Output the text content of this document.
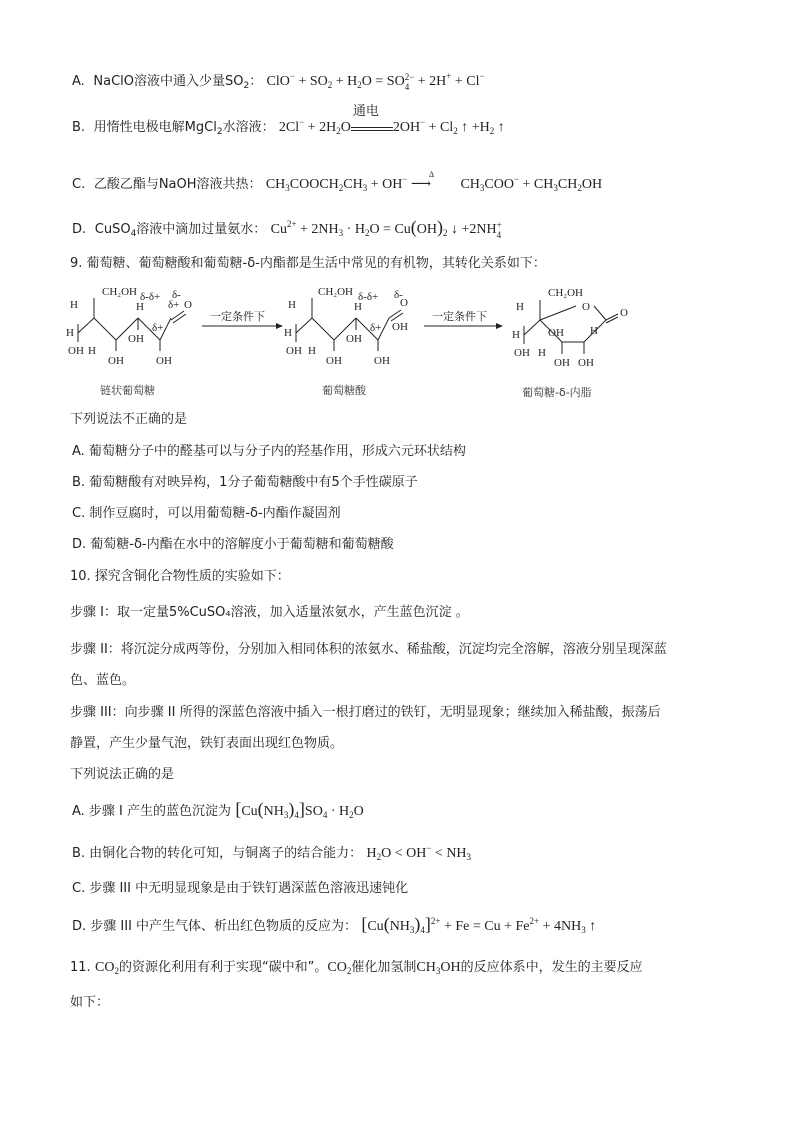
A. NaClO溶液中通入少量$SO_2$： $ClO^- + SO_2 + H_2O = SO2-$
4 + 2H+ + Cl−
B. 用惰性电极电解MgCl$_2$水溶液： $2Cl^- + 2H_2O$
通电
$2OH^- + Cl_2$ ↑ $+H_2$ ↑
C. 乙酸乙酯与NaOH溶液共热： $CH_3COOCH_2CH_3 + OH^-$	Δ
⟶ $CH_3COO^- + CH_3CH_2OH$
D. CuSO$_4$溶液中滴加过量氨水： $Cu^{2+} + 2NH_3 \cdot H_2O = Cu(OH)_2$ ↓ +2NH+
4
9. 葡萄糖、葡萄糖酸和葡萄糖-δ-内酯都是生活中常见的有机物，其转化关系如下：
CH₂OH
H
OH H
OH
OH
OH
H δ+
δ+
δ-δ+
O
δ-
H
一定条件下
CH₂OH
H
OH H
OH
OH
OH
H
δ+
δ-δ+
OH
O
δ-
H
一定条件下
CH₂OH
H
OH H
OH
OH
OH
O	O
H
H
链状葡萄糖	葡萄糖酸	葡萄糖-δ-内脂
下列说法不正确的是
A. 葡萄糖分子中的醛基可以与分子内的羟基作用，形成六元环状结构
B. 葡萄糖酸有对映异构，1分子葡萄糖酸中有5个手性碳原子
C. 制作豆腐时，可以用葡萄糖-δ-内酯作凝固剂
D. 葡萄糖-δ-内酯在水中的溶解度小于葡萄糖和葡萄糖酸
10. 探究含铜化合物性质的实验如下：
步骤 I：取一定量5%CuSO₄溶液，加入适量浓氨水，产生蓝色沉淀 。
步骤 II：将沉淀分成两等份，分别加入相同体积的浓氨水、稀盐酸，沉淀均完全溶解，溶液分别呈现深蓝
色、蓝色。
步骤 III：向步骤 II 所得的深蓝色溶液中插入一根打磨过的铁钉，无明显现象；继续加入稀盐酸，振荡后
静置，产生少量气泡，铁钉表面出现红色物质。
下列说法正确的是
A. 步骤 I 产生的蓝色沉淀为 $[Cu(NH_3)_4]SO_4 \cdot H_2O$
B. 由铜化合物的转化可知，与铜离子的结合能力： $H_2O < OH^- < NH_3$
C. 步骤 III 中无明显现象是由于铁钉遇深蓝色溶液迅速钝化
D. 步骤 III 中产生气体、析出红色物质的反应为： $[Cu(NH_3)_4]^{2+} + Fe = Cu + Fe^{2+} + 4NH_3$ ↑
11. $CO_2$的资源化利用有利于实现“碳中和”。$CO_2$催化加氢制$CH_3OH$的反应体系中，发生的主要反应
如下：
